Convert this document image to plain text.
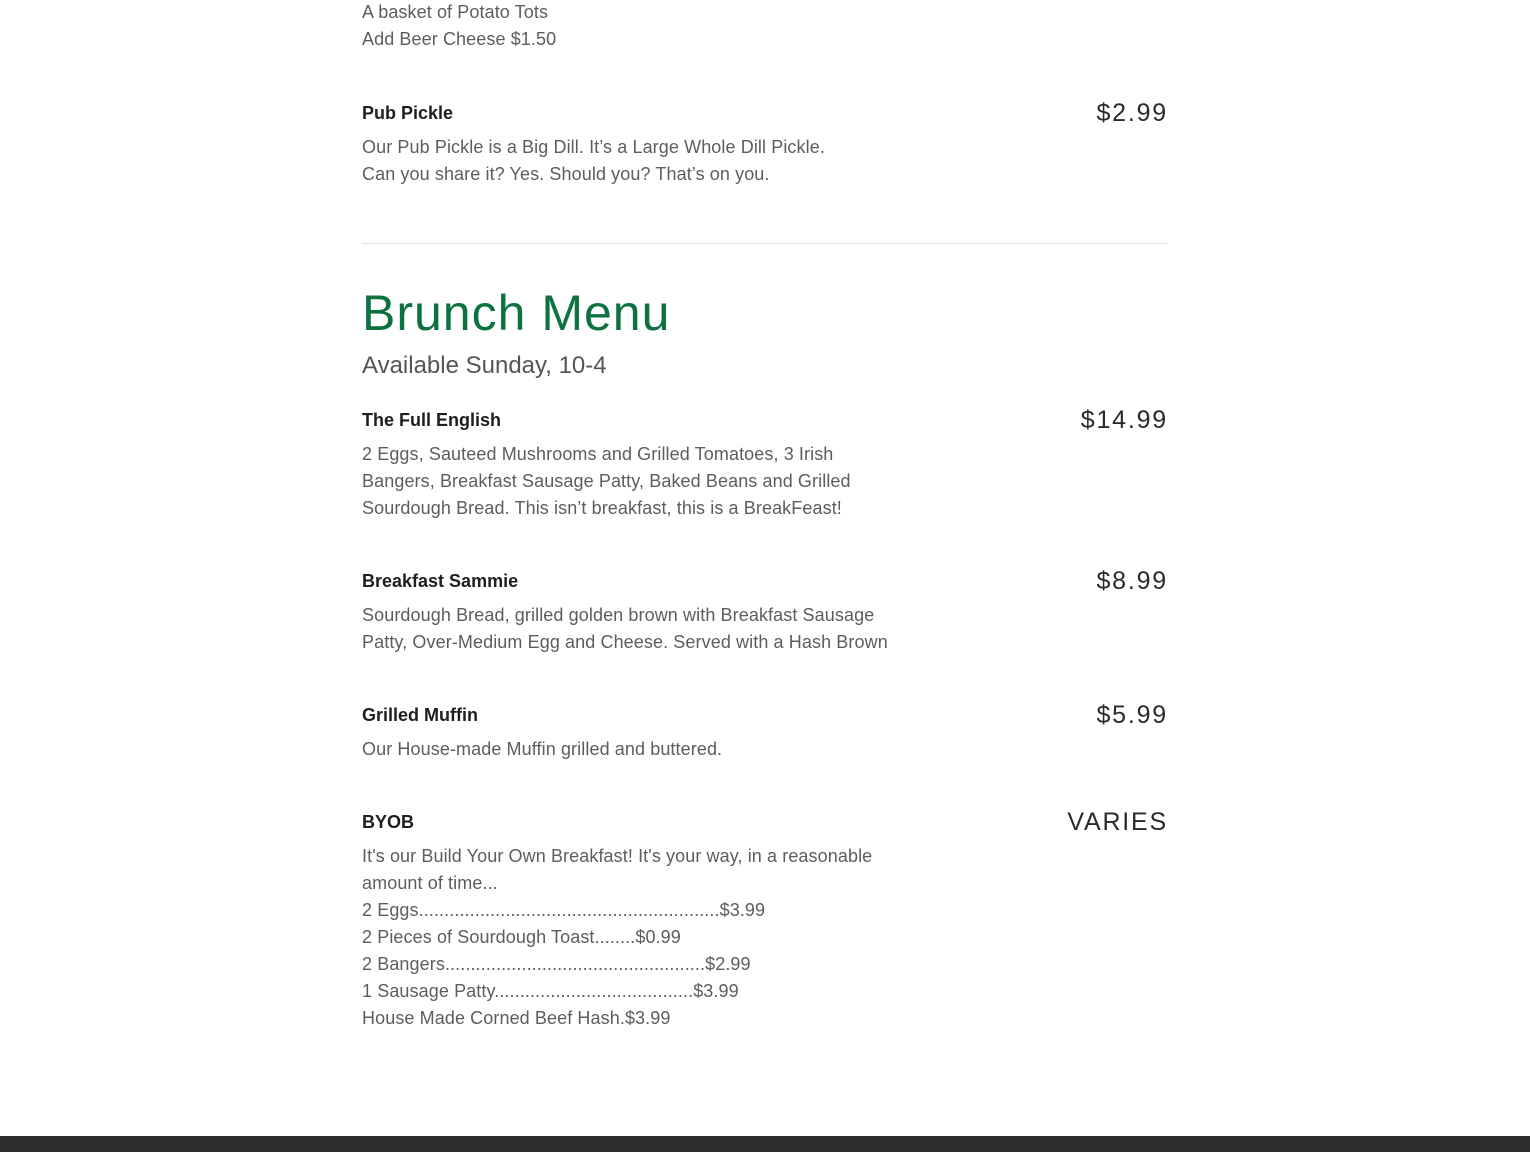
A basket of Potato Tots
Add Beer Cheese $1.50
Pub Pickle	$2.99
Our Pub Pickle is a Big Dill. It’s a Large Whole Dill Pickle.
Can you share it? Yes. Should you? That’s on you.
Brunch Menu
Available Sunday, 10-4
The Full English	$14.99
2 Eggs, Sauteed Mushrooms and Grilled Tomatoes, 3 Irish
Bangers, Breakfast Sausage Patty, Baked Beans and Grilled
Sourdough Bread. This isn’t breakfast, this is a BreakFeast!
Breakfast Sammie	$8.99
Sourdough Bread, grilled golden brown with Breakfast Sausage
Patty, Over-Medium Egg and Cheese. Served with a Hash Brown
Grilled Muffin	$5.99
Our House-made Muffin grilled and buttered.
BYOB	VARIES
It's our Build Your Own Breakfast! It's your way, in a reasonable
amount of time...
2 Eggs...........................................................$3.99
2 Pieces of Sourdough Toast........$0.99
2 Bangers...................................................$2.99
1 Sausage Patty.......................................$3.99
House Made Corned Beef Hash.$3.99
